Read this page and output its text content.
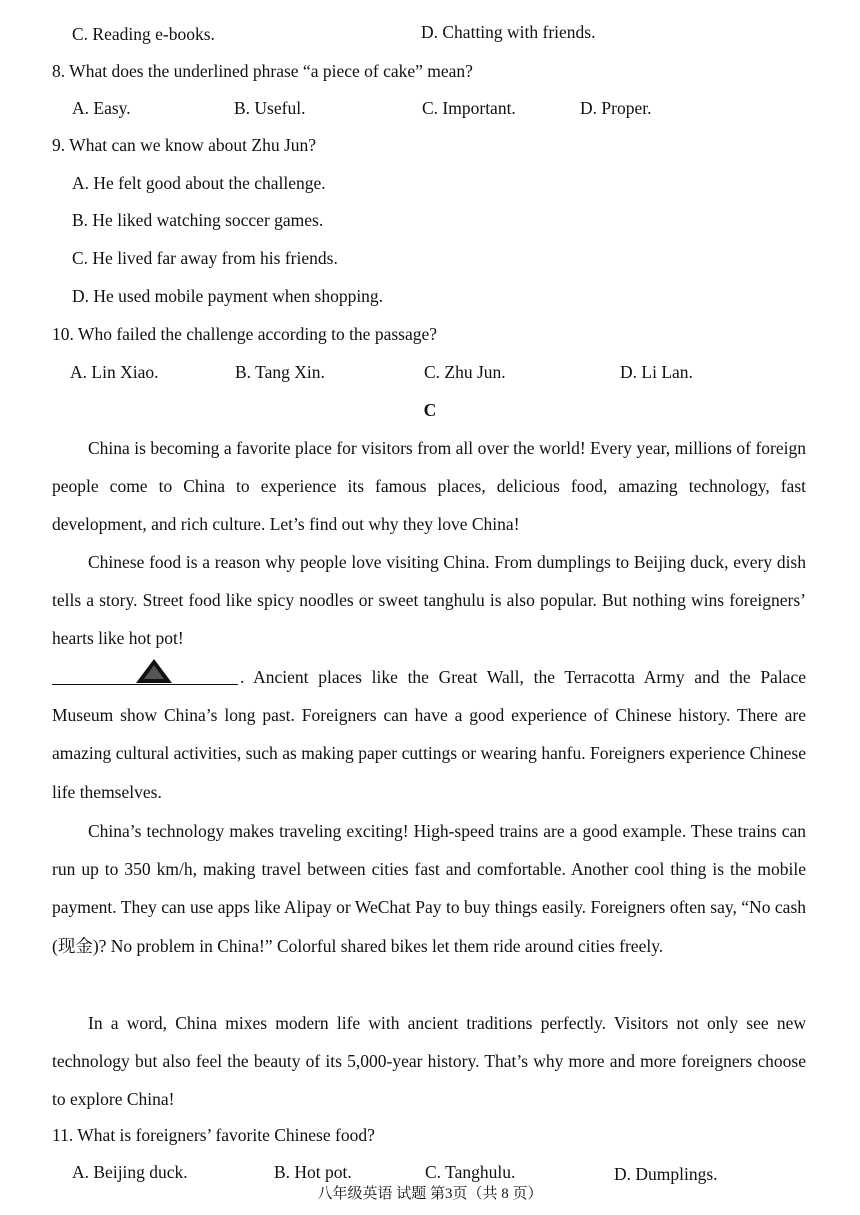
C. Reading e-books.	D. Chatting with friends.
8. What does the underlined phrase “a piece of cake” mean?
A. Easy.	B. Useful.	C. Important.	D. Proper.
9. What can we know about Zhu Jun?
A. He felt good about the challenge.
B. He liked watching soccer games.
C. He lived far away from his friends.
D. He used mobile payment when shopping.
10. Who failed the challenge according to the passage?
A. Lin Xiao.	B. Tang Xin.	C. Zhu Jun.	D. Li Lan.
C
China is becoming a favorite place for visitors from all over the world! Every year, millions of foreign people come to China to experience its famous places, delicious food, amazing technology, fast development, and rich culture. Let’s find out why they love China!
Chinese food is a reason why people love visiting China. From dumplings to Beijing duck, every dish tells a story. Street food like spicy noodles or sweet tanghulu is also popular. But nothing wins foreigners’ hearts like hot pot!
. Ancient places like the Great Wall, the Terracotta Army and the Palace Museum show China’s long past. Foreigners can have a good experience of Chinese history. There are amazing cultural activities, such as making paper cuttings or wearing hanfu. Foreigners experience Chinese life themselves.
China’s technology makes traveling exciting! High-speed trains are a good example. These trains can run up to 350 km/h, making travel between cities fast and comfortable. Another cool thing is the mobile payment. They can use apps like Alipay or WeChat Pay to buy things easily. Foreigners often say, “No cash (现金)? No problem in China!” Colorful shared bikes let them ride around cities freely.
In a word, China mixes modern life with ancient traditions perfectly. Visitors not only see new technology but also feel the beauty of its 5,000-year history. That’s why more and more foreigners choose to explore China!
11. What is foreigners’ favorite Chinese food?
A. Beijing duck.	B. Hot pot.	C. Tanghulu.	D. Dumplings.
八年级英语 试题 第3页（共 8 页）
